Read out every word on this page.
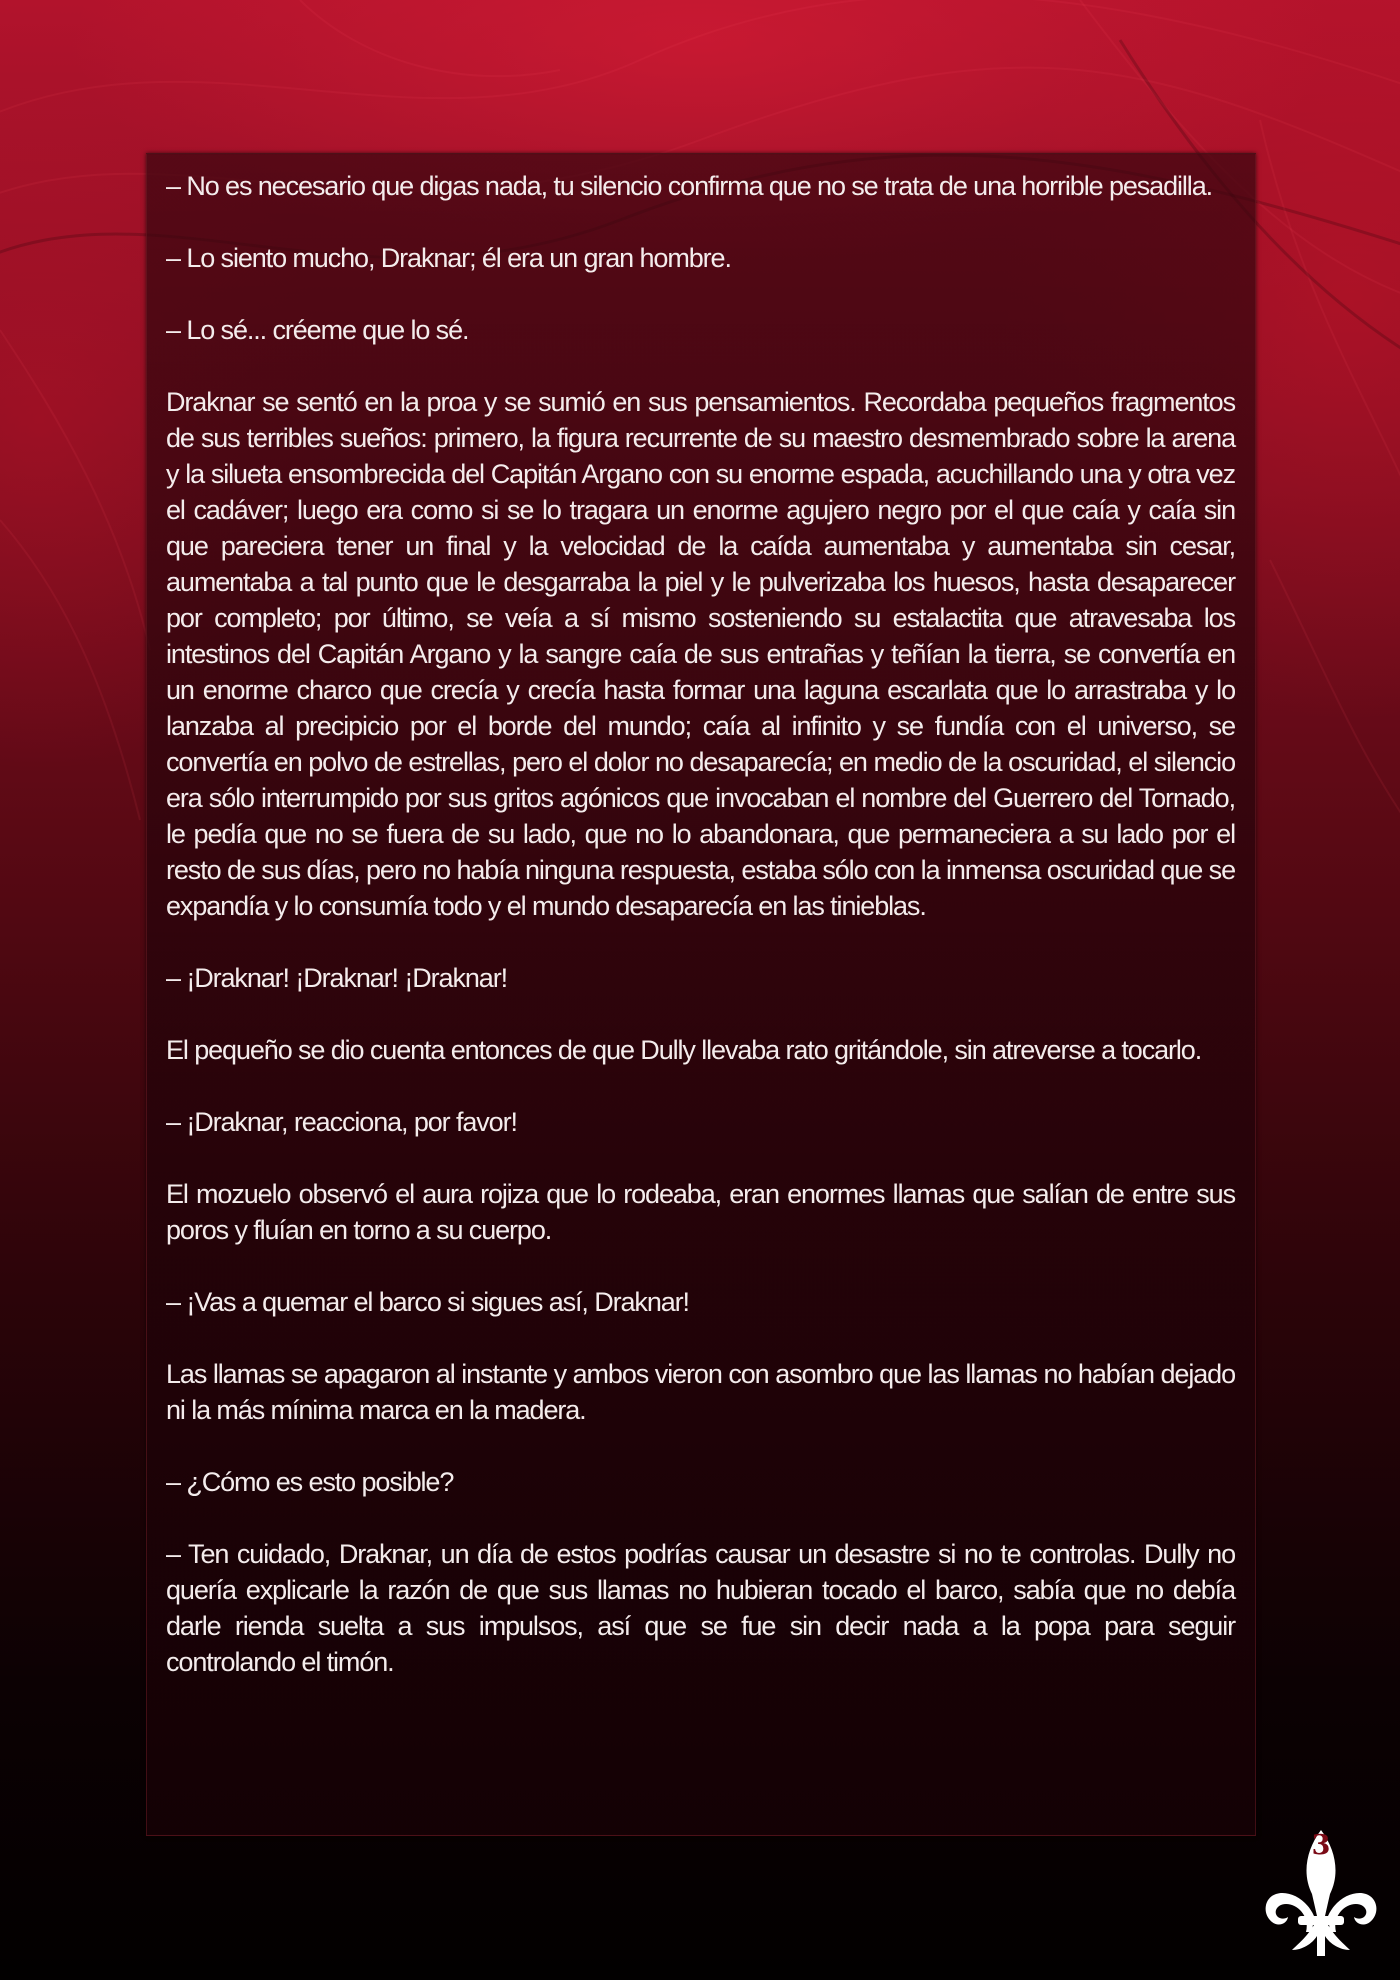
– No es necesario que digas nada, tu silencio confirma que no se trata de una horrible pesadilla.

– Lo siento mucho, Draknar; él era un gran hombre.

– Lo sé... créeme que lo sé.

Draknar se sentó en la proa y se sumió en sus pensamientos. Recordaba pequeños fragmentos de sus terribles sueños: primero, la figura recurrente de su maestro desmembrado sobre la arena y la silueta ensombrecida del Capitán Argano con su enorme espada, acuchillando una y otra vez el cadáver; luego era como si se lo tragara un enorme agujero negro por el que caía y caía sin que pareciera tener un final y la velocidad de la caída aumentaba y aumentaba sin cesar, aumentaba a tal punto que le desgarraba la piel y le pulverizaba los huesos, hasta desaparecer por completo; por último, se veía a sí mismo sosteniendo su estalactita que atravesaba los intestinos del Capitán Argano y la sangre caía de sus entrañas y teñían la tierra, se convertía en un enorme charco que crecía y crecía hasta formar una laguna escarlata que lo arrastraba y lo lanzaba al precipicio por el borde del mundo; caía al infinito y se fundía con el universo, se convertía en polvo de estrellas, pero el dolor no desaparecía; en medio de la oscuridad, el silencio era sólo interrumpido por sus gritos agónicos que invocaban el nombre del Guerrero del Tornado, le pedía que no se fuera de su lado, que no lo abandonara, que permaneciera a su lado por el resto de sus días, pero no había ninguna respuesta, estaba sólo con la inmensa oscuridad que se expandía y lo consumía todo y el mundo desaparecía en las tinieblas.

– ¡Draknar! ¡Draknar! ¡Draknar!

El pequeño se dio cuenta entonces de que Dully llevaba rato gritándole, sin atreverse a tocarlo.

– ¡Draknar, reacciona, por favor!

El mozuelo observó el aura rojiza que lo rodeaba, eran enormes llamas que salían de entre sus poros y fluían en torno a su cuerpo.

– ¡Vas a quemar el barco si sigues así, Draknar!

Las llamas se apagaron al instante y ambos vieron con asombro que las llamas no habían dejado ni la más mínima marca en la madera.

– ¿Cómo es esto posible?

– Ten cuidado, Draknar, un día de estos podrías causar un desastre si no te controlas. Dully no quería explicarle la razón de que sus llamas no hubieran tocado el barco, sabía que no debía darle rienda suelta a sus impulsos, así que se fue sin decir nada a la popa para seguir controlando el timón.

3
